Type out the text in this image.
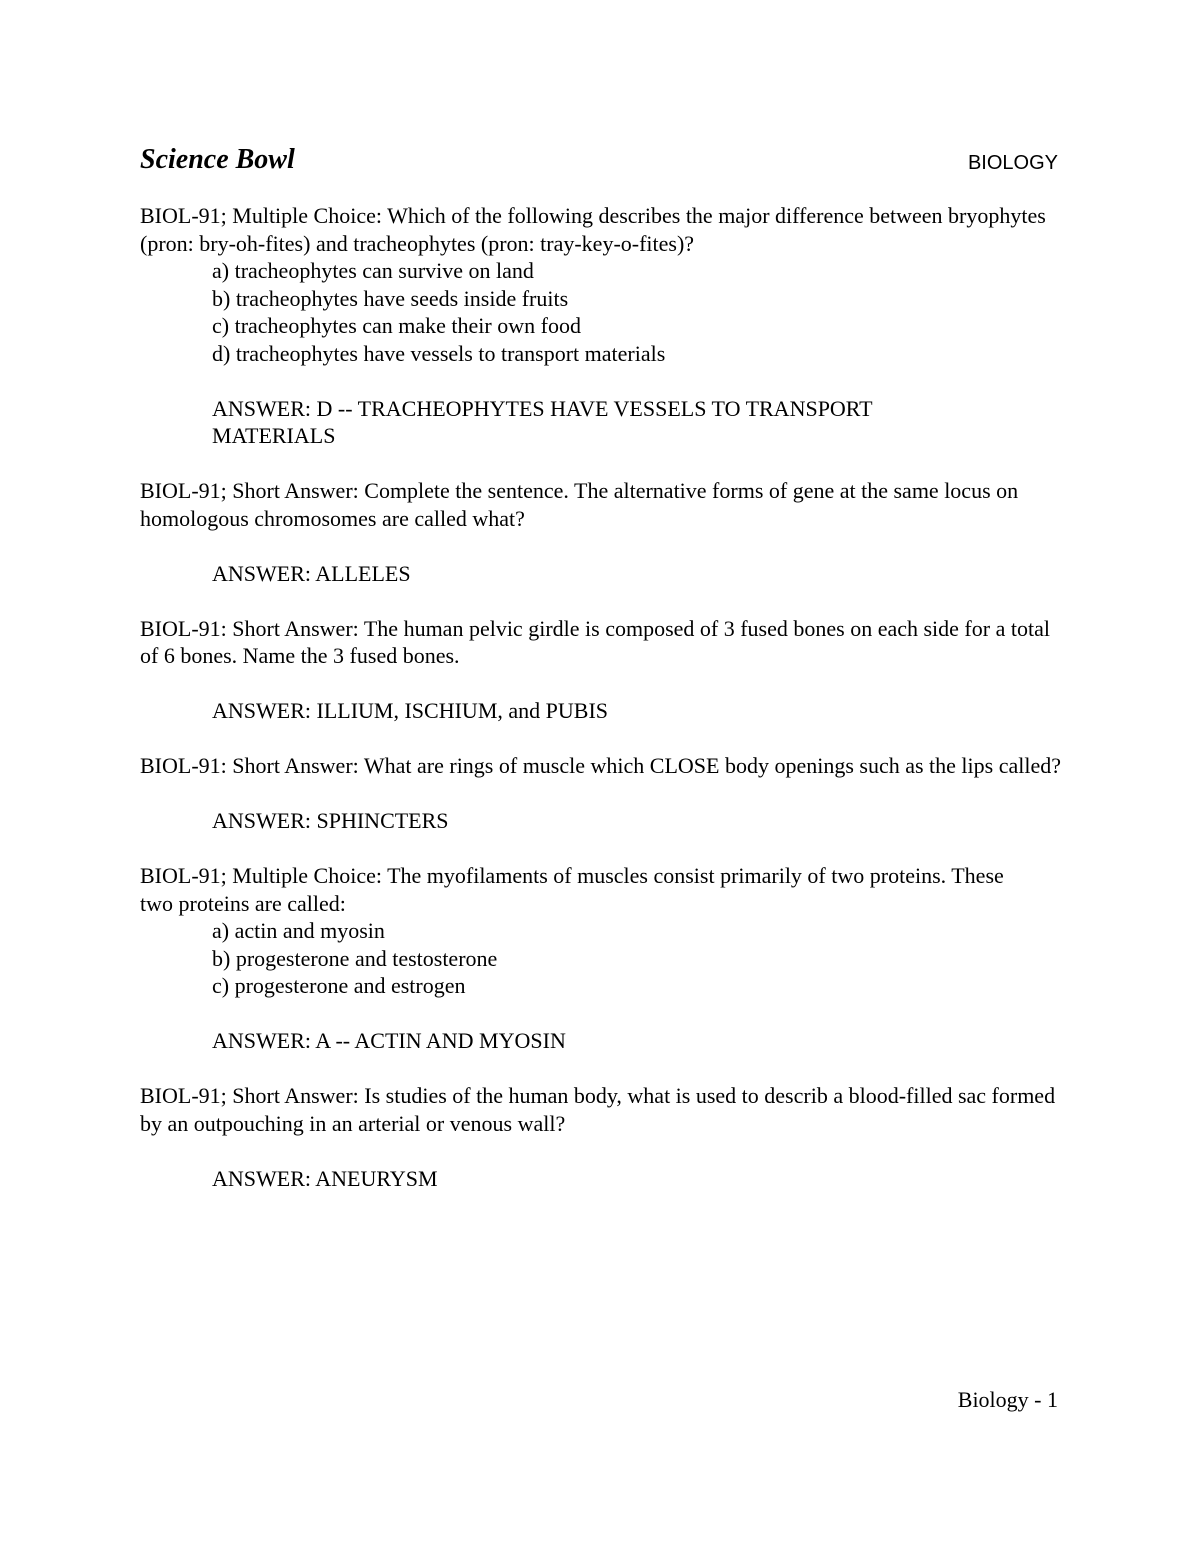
Science Bowl	BIOLOGY

BIOL-91; Multiple Choice: Which of the following describes the major difference between bryophytes (pron: bry-oh-fites) and tracheophytes (pron: tray-key-o-fites)?

a) tracheophytes can survive on land
b) tracheophytes have seeds inside fruits
c) tracheophytes can make their own food
d) tracheophytes have vessels to transport materials

ANSWER: D -- TRACHEOPHYTES HAVE VESSELS TO TRANSPORT MATERIALS

BIOL-91; Short Answer: Complete the sentence. The alternative forms of gene at the same locus on homologous chromosomes are called what?

ANSWER: ALLELES

BIOL-91: Short Answer: The human pelvic girdle is composed of 3 fused bones on each side for a total of 6 bones. Name the 3 fused bones.

ANSWER: ILLIUM, ISCHIUM, and PUBIS

BIOL-91: Short Answer: What are rings of muscle which CLOSE body openings such as the lips called?

ANSWER: SPHINCTERS

BIOL-91; Multiple Choice: The myofilaments of muscles consist primarily of two proteins. These two proteins are called:

a) actin and myosin
b) progesterone and testosterone
c) progesterone and estrogen

ANSWER: A -- ACTIN AND MYOSIN

BIOL-91; Short Answer: Is studies of the human body, what is used to describ a blood-filled sac formed by an outpouching in an arterial or venous wall?

ANSWER: ANEURYSM

Biology - 1
